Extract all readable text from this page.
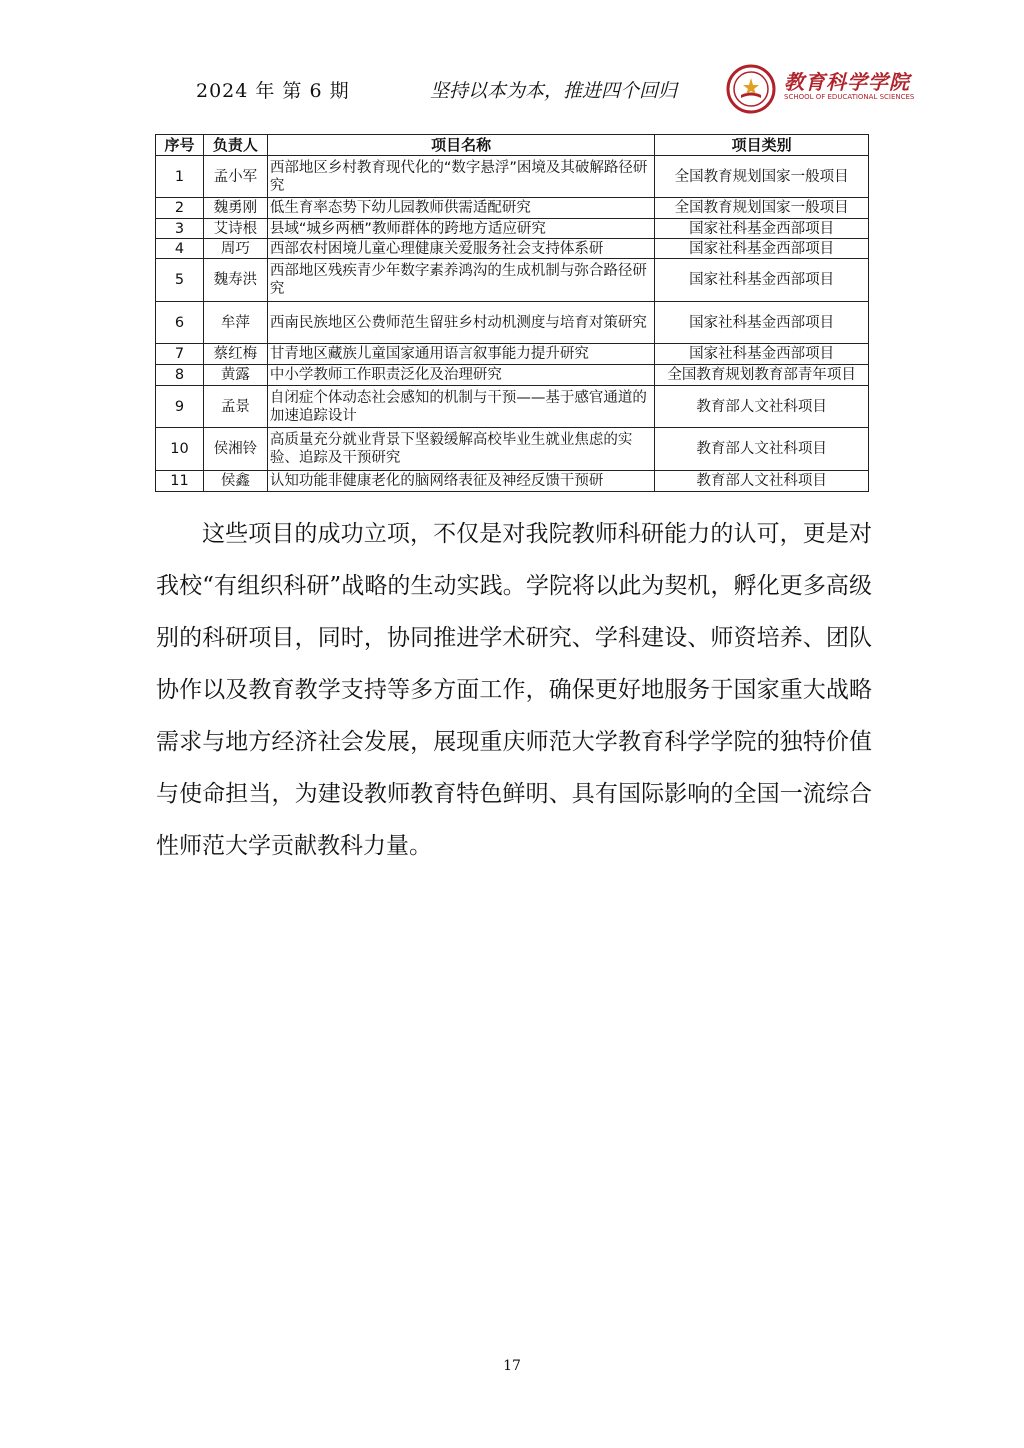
2024 年 第 6 期	坚持以本为本，推进四个回归	教育科学学院
SCHOOL OF EDUCATIONAL SCIENCES
序号	负责人	项目名称	项目类别
1	孟小军	西部地区乡村教育现代化的“数字悬浮”困境及其破解路径研究	全国教育规划国家一般项目
2	魏勇刚	低生育率态势下幼儿园教师供需适配研究	全国教育规划国家一般项目
3	艾诗根	县域“城乡两栖”教师群体的跨地方适应研究	国家社科基金西部项目
4	周巧	西部农村困境儿童心理健康关爱服务社会支持体系研	国家社科基金西部项目
5	魏寿洪	西部地区残疾青少年数字素养鸿沟的生成机制与弥合路径研究	国家社科基金西部项目
6	牟萍	西南民族地区公费师范生留驻乡村动机测度与培育对策研究	国家社科基金西部项目
7	蔡红梅	甘青地区藏族儿童国家通用语言叙事能力提升研究	国家社科基金西部项目
8	黄露	中小学教师工作职责泛化及治理研究	全国教育规划教育部青年项目
9	孟景	自闭症个体动态社会感知的机制与干预——基于感官通道的加速追踪设计	教育部人文社科项目
10	侯湘铃	高质量充分就业背景下坚毅缓解高校毕业生就业焦虑的实验、追踪及干预研究	教育部人文社科项目
11	侯鑫	认知功能非健康老化的脑网络表征及神经反馈干预研	教育部人文社科项目

这些项目的成功立项，不仅是对我院教师科研能力的认可，更是对我校“有组织科研”战略的生动实践。学院将以此为契机，孵化更多高级别的科研项目，同时，协同推进学术研究、学科建设、师资培养、团队协作以及教育教学支持等多方面工作，确保更好地服务于国家重大战略需求与地方经济社会发展，展现重庆师范大学教育科学学院的独特价值与使命担当，为建设教师教育特色鲜明、具有国际影响的全国一流综合性师范大学贡献教科力量。

17
